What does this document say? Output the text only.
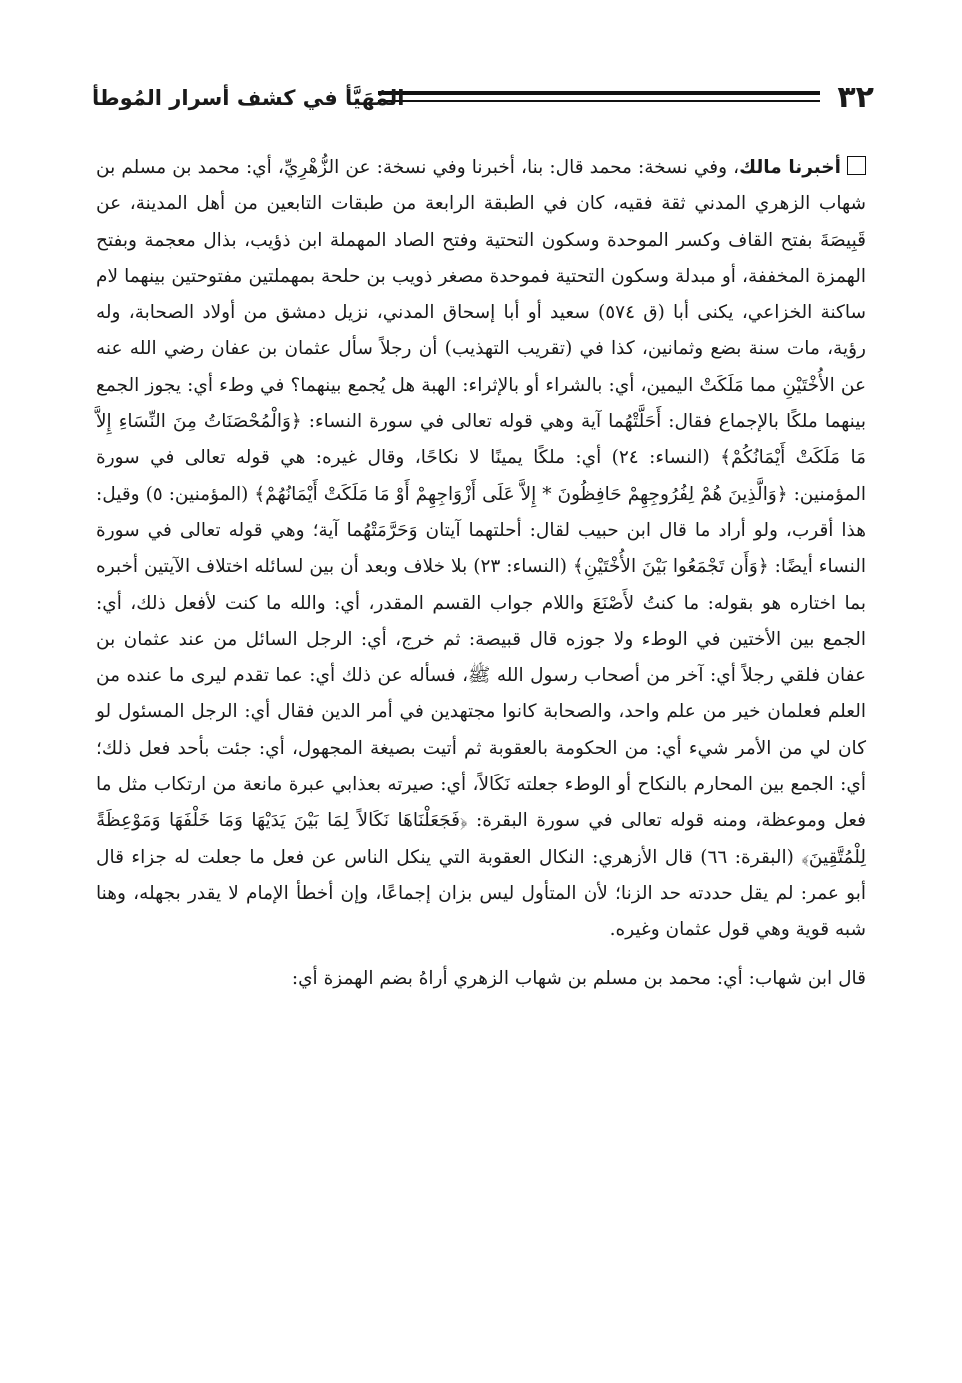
٣٢
المُهَيَّأ في كشف أسرار المُوطأ

أخبرنا مالك، وفي نسخة: محمد قال: بنا، أخبرنا وفي نسخة: عن الزُّهْرِيِّ، أي: محمد بن مسلم بن شهاب الزهري المدني ثقة فقيه، كان في الطبقة الرابعة من طبقات التابعين من أهل المدينة، عن قَبِيصَةَ بفتح القاف وكسر الموحدة وسكون التحتية وفتح الصاد المهملة ابن ذؤيب، بذال معجمة وبفتح الهمزة المخففة، أو مبدلة وسكون التحتية فموحدة مصغر ذويب بن حلحة بمهملتين مفتوحتين بينهما لام ساكنة الخزاعي، يكنى أبا (ق ٥٧٤) سعيد أو أبا إسحاق المدني، نزيل دمشق من أولاد الصحابة، وله رؤية، مات سنة بضع وثمانين، كذا في (تقريب التهذيب) أن رجلاً سأل عثمان بن عفان رضي الله عنه عن الأُخْتَيْنِ مما مَلَكَتْ اليمين، أي: بالشراء أو بالإثراء: الهبة هل يُجمع بينهما؟ في وطء أي: يجوز الجمع بينهما ملكًا بالإجماع فقال: أَحَلَّتْهُما آية وهي قوله تعالى في سورة النساء: ﴿وَالْمُحْصَنَاتُ مِنَ النِّسَاءِ إِلاَّ مَا مَلَكَتْ أَيْمَانُكُمْ﴾ (النساء: ٢٤) أي: ملكًا يمينًا لا نكاحًا، وقال غيره: هي قوله تعالى في سورة المؤمنين: ﴿وَالَّذِينَ هُمْ لِفُرُوجِهِمْ حَافِظُونَ * إِلاَّ عَلَى أَزْوَاجِهِمْ أَوْ مَا مَلَكَتْ أَيْمَانُهُمْ﴾ (المؤمنين: ٥) وقيل: هذا أقرب، ولو أراد ما قال ابن حبيب لقال: أحلتهما آيتان وَحَرَّمَتْهُما آية؛ وهي قوله تعالى في سورة النساء أيضًا: ﴿وَأَن تَجْمَعُوا بَيْنَ الأُخْتَيْنِ﴾ (النساء: ٢٣) بلا خلاف وبعد أن بين لسائله اختلاف الآيتين أخبره بما اختاره هو بقوله: ما كنتُ لأَصْنَعَ واللام جواب القسم المقدر، أي: والله ما كنت لأفعل ذلك، أي: الجمع بين الأختين في الوطء ولا جوزه قال قبيصة: ثم خرج، أي: الرجل السائل من عند عثمان بن عفان فلقي رجلاً أي: آخر من أصحاب رسول الله ﷺ، فسأله عن ذلك أي: عما تقدم ليرى ما عنده من العلم فعلمان خير من علم واحد، والصحابة كانوا مجتهدين في أمر الدين فقال أي: الرجل المسئول لو كان لي من الأمر شيء أي: من الحكومة بالعقوبة ثم أتيت بصيغة المجهول، أي: جئت بأحد فعل ذلك؛ أي: الجمع بين المحارم بالنكاح أو الوطء جعلته نَكَالاً، أي: صيرته بعذابي عبرة مانعة من ارتكاب مثل ما فعل وموعظة، ومنه قوله تعالى في سورة البقرة: ﴿فَجَعَلْنَاهَا نَكَالاً لِمَا بَيْنَ يَدَيْهَا وَمَا خَلْفَهَا وَمَوْعِظَةً لِلْمُتَّقِينَ﴾ (البقرة: ٦٦) قال الأزهري: النكال العقوبة التي ينكل الناس عن فعل ما جعلت له جزاء قال أبو عمر: لم يقل حددته حد الزنا؛ لأن المتأول ليس بزان إجماعًا، وإن أخطأ الإمام لا يقدر بجهله، وهنا شبه قوية وهي قول عثمان وغيره.

قال ابن شهاب: أي: محمد بن مسلم بن شهاب الزهري أراهُ بضم الهمزة أي:
